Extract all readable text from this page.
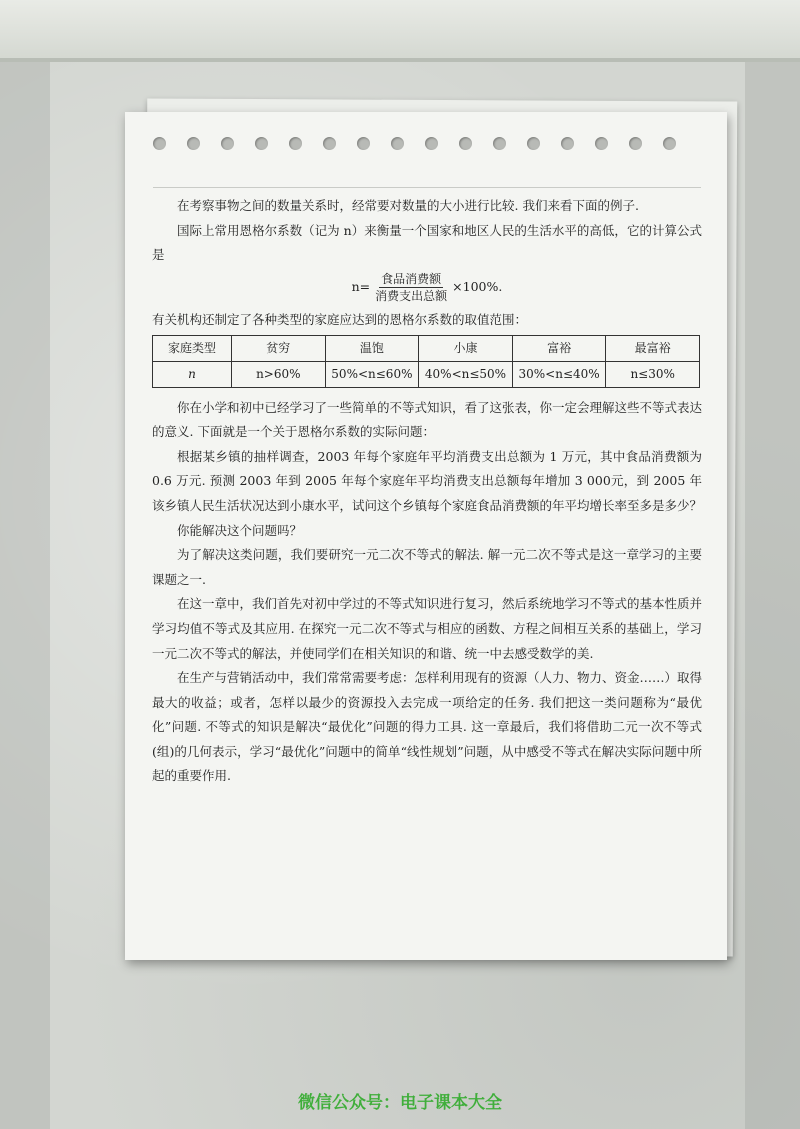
在考察事物之间的数量关系时，经常要对数量的大小进行比较. 我们来看下面的例子.

国际上常用恩格尔系数（记为 n）来衡量一个国家和地区人民的生活水平的高低，它的计算公式是

$n= \frac{\text{食品消费额}}{\text{消费支出总额}} \times 100\%$.

有关机构还制定了各种类型的家庭应达到的恩格尔系数的取值范围：

家庭类型	贫穷	温饱	小康	富裕	最富裕
n	n>60%	50%<n≤60%	40%<n≤50%	30%<n≤40%	n≤30%

你在小学和初中已经学习了一些简单的不等式知识，看了这张表，你一定会理解这些不等式表达的意义. 下面就是一个关于恩格尔系数的实际问题：

根据某乡镇的抽样调查，2003 年每个家庭年平均消费支出总额为 1 万元，其中食品消费额为 0.6 万元. 预测 2003 年到 2005 年每个家庭年平均消费支出总额每年增加 3 000元，到 2005 年该乡镇人民生活状况达到小康水平，试问这个乡镇每个家庭食品消费额的年平均增长率至多是多少？

你能解决这个问题吗？

为了解决这类问题，我们要研究一元二次不等式的解法. 解一元二次不等式是这一章学习的主要课题之一.

在这一章中，我们首先对初中学过的不等式知识进行复习，然后系统地学习不等式的基本性质并学习均值不等式及其应用. 在探究一元二次不等式与相应的函数、方程之间相互关系的基础上，学习一元二次不等式的解法，并使同学们在相关知识的和谐、统一中去感受数学的美.

在生产与营销活动中，我们常常需要考虑：怎样利用现有的资源（人力、物力、资金……）取得最大的收益；或者，怎样以最少的资源投入去完成一项给定的任务. 我们把这一类问题称为“最优化”问题. 不等式的知识是解决“最优化”问题的得力工具. 这一章最后，我们将借助二元一次不等式(组)的几何表示，学习“最优化”问题中的简单“线性规划”问题，从中感受不等式在解决实际问题中所起的重要作用.

微信公众号：电子课本大全
